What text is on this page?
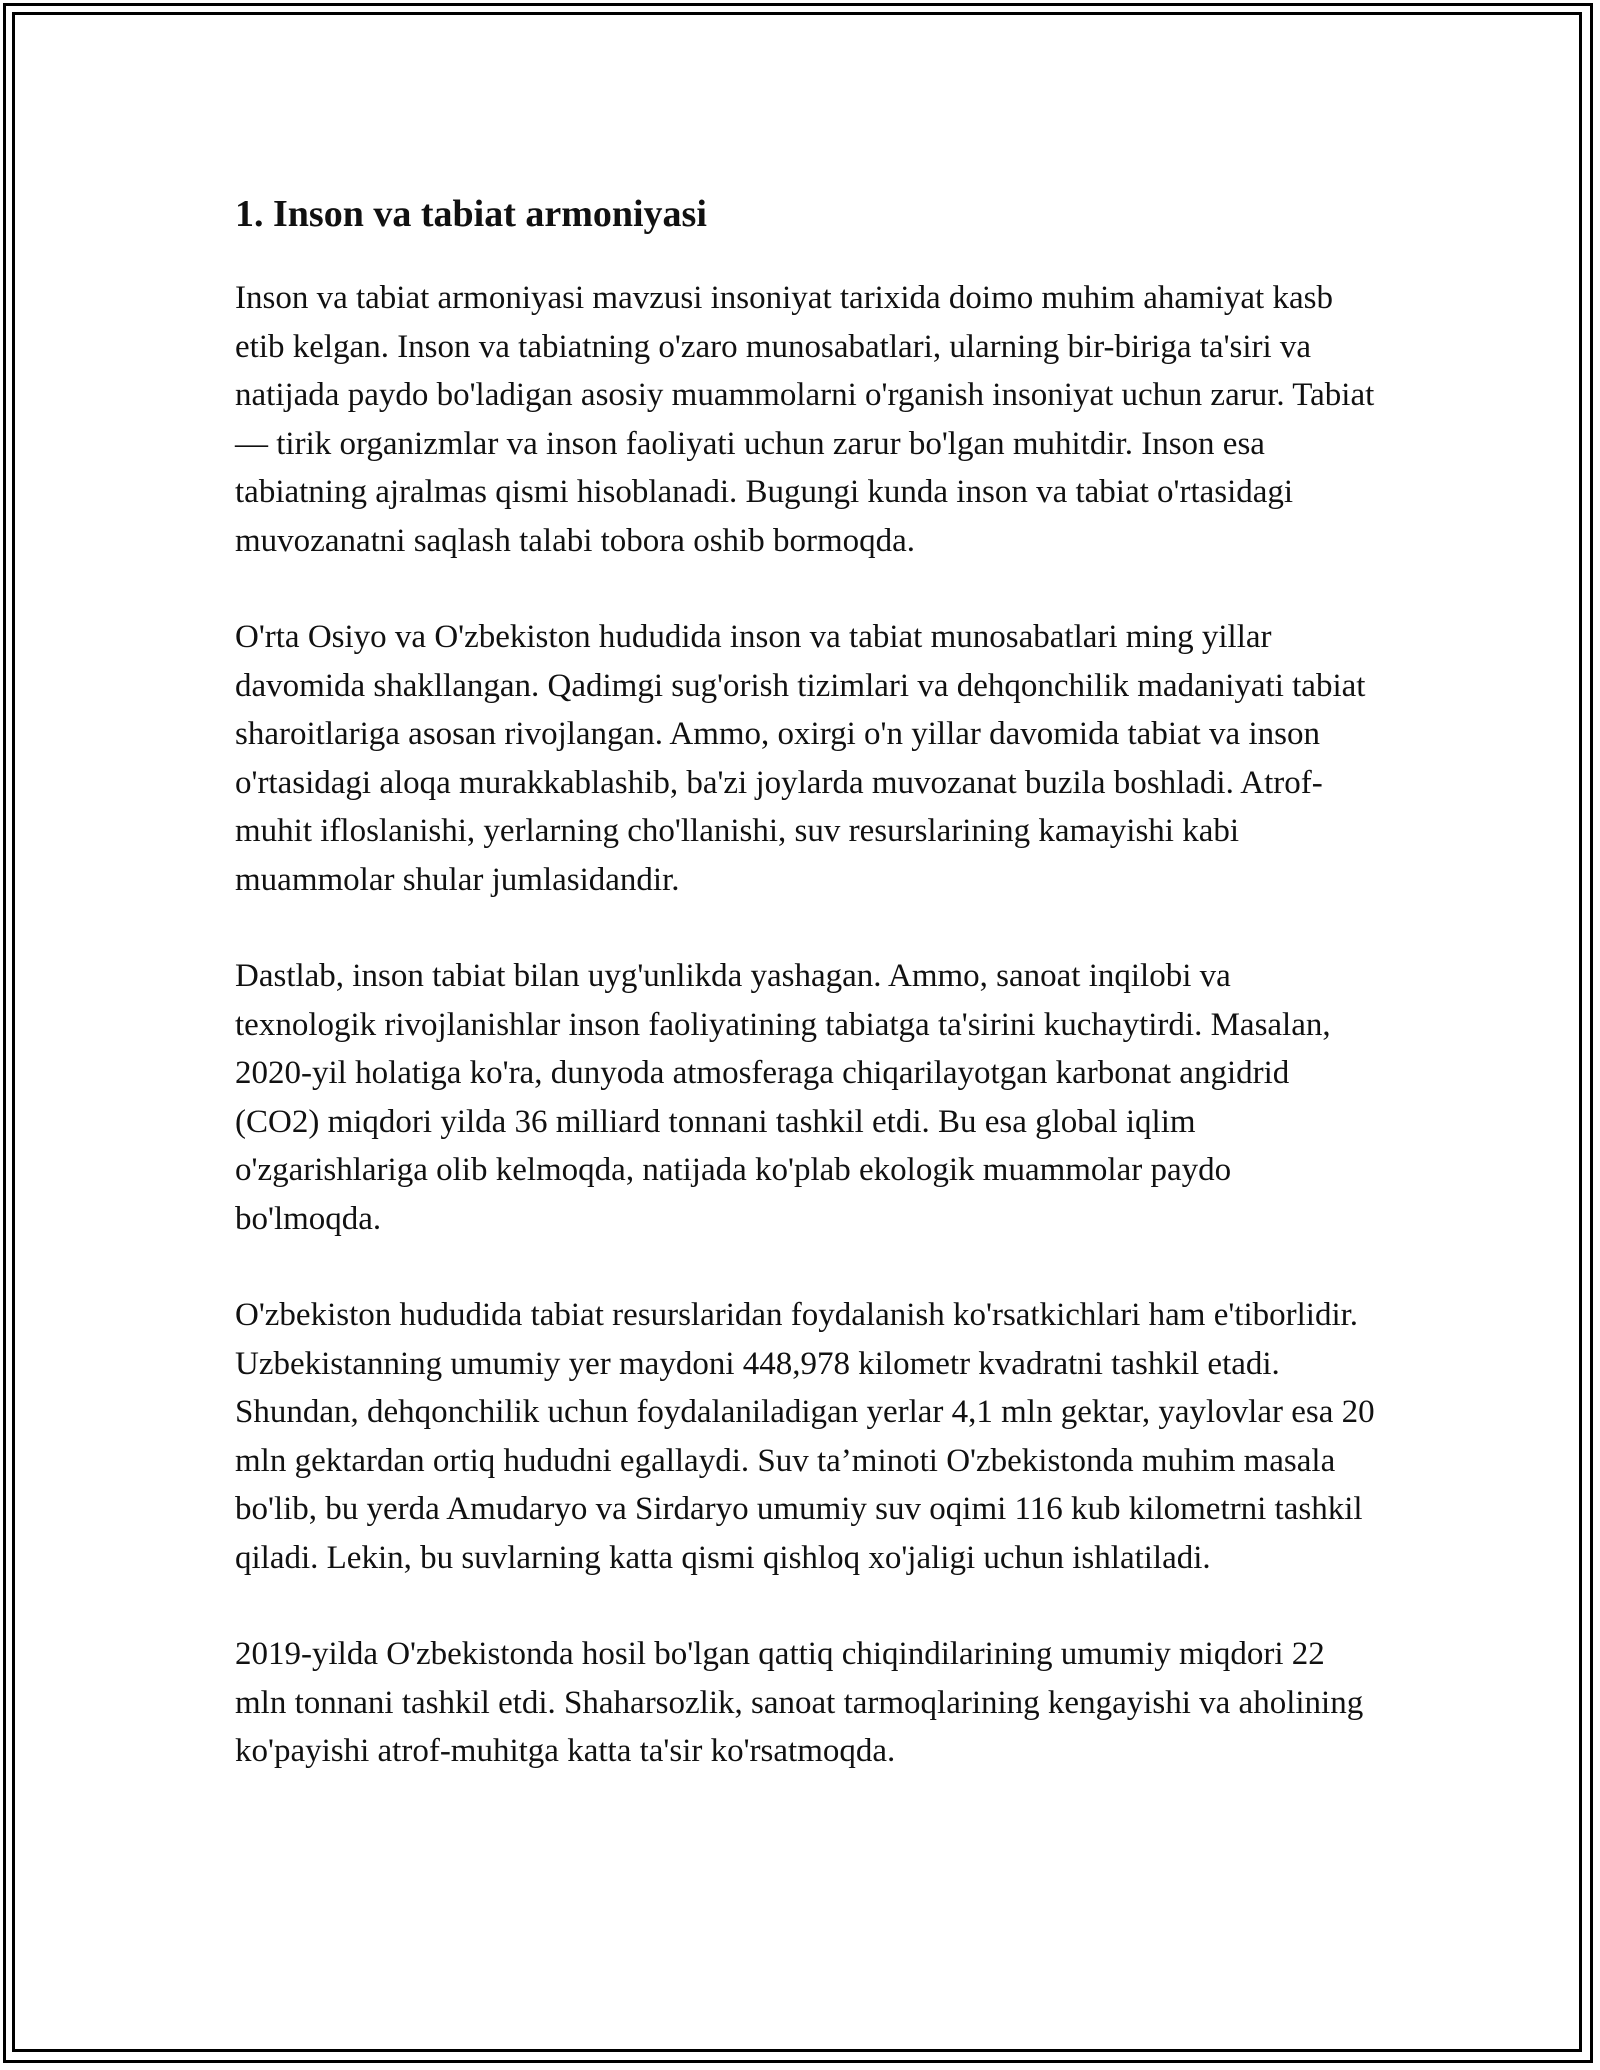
1. Inson va tabiat armoniyasi

Inson va tabiat armoniyasi mavzusi insoniyat tarixida doimo muhim ahamiyat kasb etib kelgan. Inson va tabiatning o'zaro munosabatlari, ularning bir-biriga ta'siri va natijada paydo bo'ladigan asosiy muammolarni o'rganish insoniyat uchun zarur. Tabiat — tirik organizmlar va inson faoliyati uchun zarur bo'lgan muhitdir. Inson esa tabiatning ajralmas qismi hisoblanadi. Bugungi kunda inson va tabiat o'rtasidagi muvozanatni saqlash talabi tobora oshib bormoqda.

O'rta Osiyo va O'zbekiston hududida inson va tabiat munosabatlari ming yillar davomida shakllangan. Qadimgi sug'orish tizimlari va dehqonchilik madaniyati tabiat sharoitlariga asosan rivojlangan. Ammo, oxirgi o'n yillar davomida tabiat va inson o'rtasidagi aloqa murakkablashib, ba'zi joylarda muvozanat buzila boshladi. Atrof-muhit ifloslanishi, yerlarning cho'llanishi, suv resurslarining kamayishi kabi muammolar shular jumlasidandir.

Dastlab, inson tabiat bilan uyg'unlikda yashagan. Ammo, sanoat inqilobi va texnologik rivojlanishlar inson faoliyatining tabiatga ta'sirini kuchaytirdi. Masalan, 2020-yil holatiga ko'ra, dunyoda atmosferaga chiqarilayotgan karbonat angidrid (CO2) miqdori yilda 36 milliard tonnani tashkil etdi. Bu esa global iqlim o'zgarishlariga olib kelmoqda, natijada ko'plab ekologik muammolar paydo bo'lmoqda.

O'zbekiston hududida tabiat resurslaridan foydalanish ko'rsatkichlari ham e'tiborlidir. Uzbekistanning umumiy yer maydoni 448,978 kilometr kvadratni tashkil etadi. Shundan, dehqonchilik uchun foydalaniladigan yerlar 4,1 mln gektar, yaylovlar esa 20 mln gektardan ortiq hududni egallaydi. Suv ta’minoti O'zbekistonda muhim masala bo'lib, bu yerda Amudaryo va Sirdaryo umumiy suv oqimi 116 kub kilometrni tashkil qiladi. Lekin, bu suvlarning katta qismi qishloq xo'jaligi uchun ishlatiladi.

2019-yilda O'zbekistonda hosil bo'lgan qattiq chiqindilarining umumiy miqdori 22 mln tonnani tashkil etdi. Shaharsozlik, sanoat tarmoqlarining kengayishi va aholining ko'payishi atrof-muhitga katta ta'sir ko'rsatmoqda.
